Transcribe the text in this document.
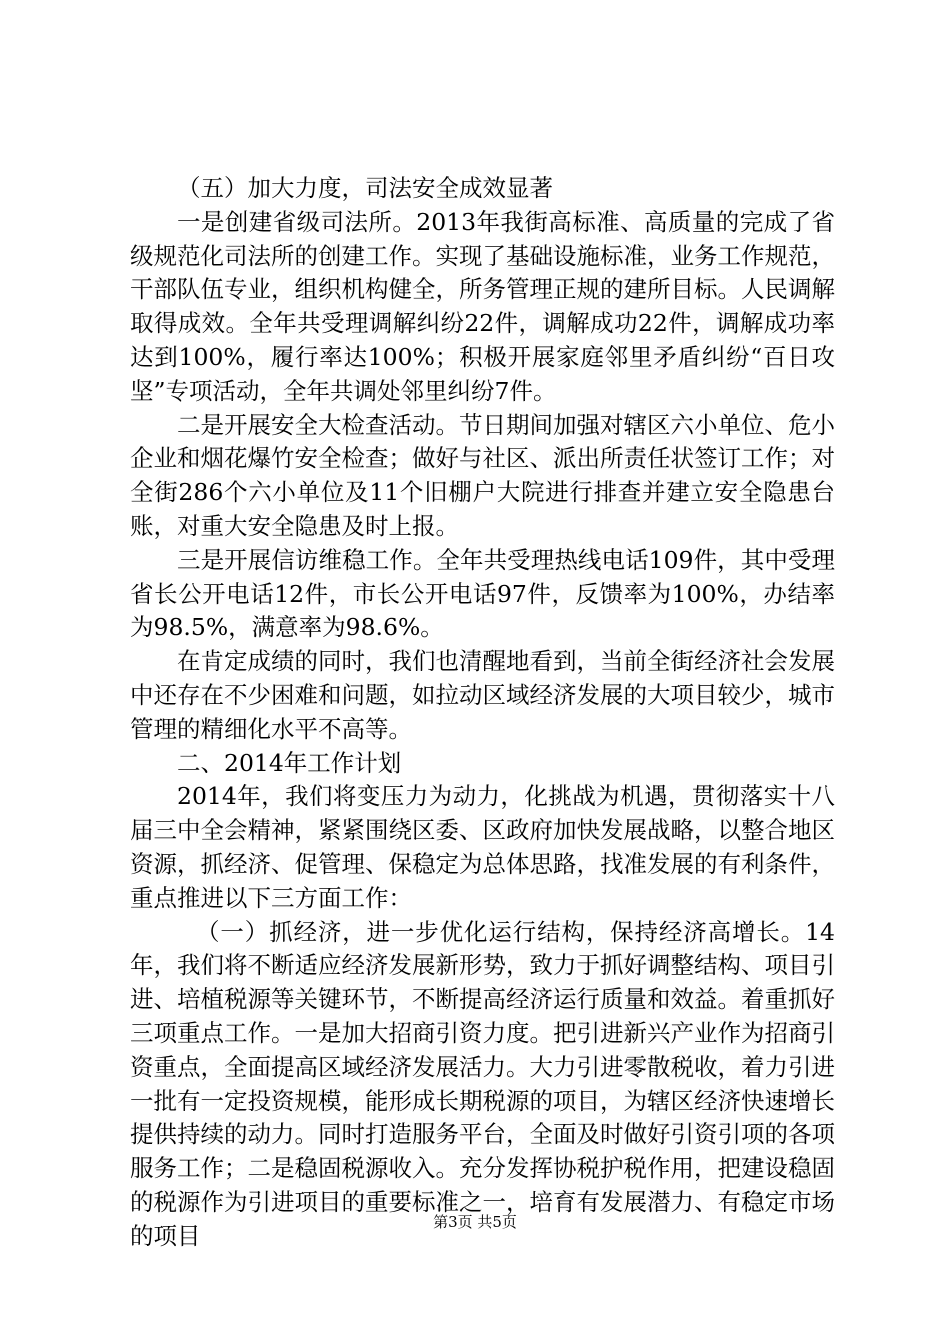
（五）加大力度，司法安全成效显著

一是创建省级司法所。2013年我街高标准、高质量的完成了省级规范化司法所的创建工作。实现了基础设施标准，业务工作规范，干部队伍专业，组织机构健全，所务管理正规的建所目标。人民调解取得成效。全年共受理调解纠纷22件，调解成功22件，调解成功率达到100%，履行率达100%；积极开展家庭邻里矛盾纠纷“百日攻坚”专项活动，全年共调处邻里纠纷7件。

二是开展安全大检查活动。节日期间加强对辖区六小单位、危小企业和烟花爆竹安全检查；做好与社区、派出所责任状签订工作；对全街286个六小单位及11个旧棚户大院进行排查并建立安全隐患台账，对重大安全隐患及时上报。

三是开展信访维稳工作。全年共受理热线电话109件，其中受理省长公开电话12件，市长公开电话97件，反馈率为100%，办结率为98.5%，满意率为98.6%。

在肯定成绩的同时，我们也清醒地看到，当前全街经济社会发展中还存在不少困难和问题，如拉动区域经济发展的大项目较少，城市管理的精细化水平不高等。

二、2014年工作计划

2014年，我们将变压力为动力，化挑战为机遇，贯彻落实十八届三中全会精神，紧紧围绕区委、区政府加快发展战略，以整合地区资源，抓经济、促管理、保稳定为总体思路，找准发展的有利条件，重点推进以下三方面工作：

（一）抓经济，进一步优化运行结构，保持经济高增长。14年，我们将不断适应经济发展新形势，致力于抓好调整结构、项目引进、培植税源等关键环节，不断提高经济运行质量和效益。着重抓好三项重点工作。一是加大招商引资力度。把引进新兴产业作为招商引资重点，全面提高区域经济发展活力。大力引进零散税收，着力引进一批有一定投资规模，能形成长期税源的项目，为辖区经济快速增长提供持续的动力。同时打造服务平台，全面及时做好引资引项的各项服务工作；二是稳固税源收入。充分发挥协税护税作用，把建设稳固的税源作为引进项目的重要标准之一，培育有发展潜力、有稳定市场的项目	第3页 共5页
